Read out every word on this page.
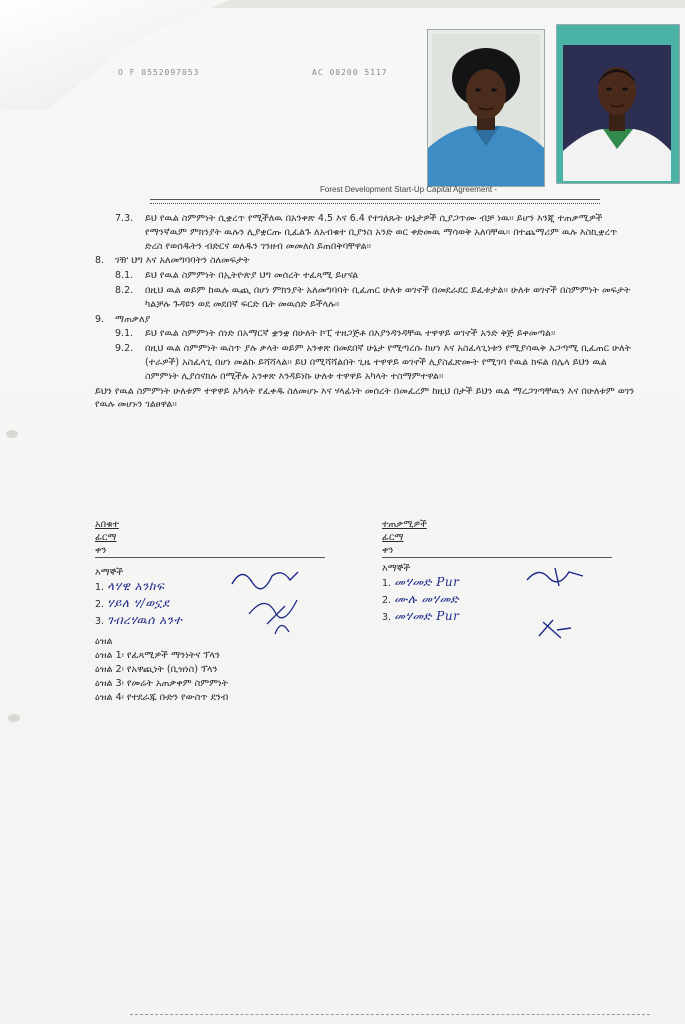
O F 0552097053	AC 00200 5117
Forest Development Start-Up Capital Agreement -
7.3.	ይህ የዉል ስምምነት ሲቋረጥ የሚችለዉ በአንቀጽ 4.5 እና 6.4 የተገለጹት ሁኔታዎች ሲያጋጥሙ ብቻ ነዉ። ይሆን እንጂ ተጠቃሚዎች የማንኛዉም ምክንያት ዉሉን ሊያቋርጡ ቢፈልጉ ለአብቁተ ቢያንስ አንድ ወር ቀድመዉ ማሳወቅ አለባቸዉ። በተጨማሪም ዉሉ እስኪቋረጥ ድረስ የወሰዱትን ብድርና ወለዱን ገንዘብ መመለስ ይጠበቅባቸዋል።
8.	ገዥ ህግ እና አለመግባባትን ስለመፍታት
8.1.	ይህ የዉል ስምምነት በኢትዮጵያ ህግ መሰረት ተፈጻሚ ይሆናል
8.2.	በዚህ ዉል ወይም ከዉሉ ዉጪ በሆነ ምክንያት አለመግባባት ቢፈጠር ሁለቱ ወገኖች በመደራደር ይፈቱታል። ሁለቱ ወገኖች በስምምነት መፍታት ካልቻሉ ጉዳዩን ወደ መደበኛ ፍርድ ቤት መዉሰድ ይችላሉ።
9.	ማጠቃለያ
9.1.	ይህ የዉል ስምምነት ሰነድ በአማርኛ ቋንቋ በሁለት ኮፒ ተዘጋጅቶ በእያንዳንዳቸዉ ተዋዋይ ወገኖች አንድ ቅጅ ይቀመጣል።
9.2.	በዚህ ዉል ስምምነት ዉስጥ ያሉ ቃላት ወይም አንቀጽ በመደበኛ ሁኔታ የሚጣረሱ ከሆነ እና አስፈላጊነቱን የሚያሳዉቅ አጋጣሚ ቢፈጠር ሁለት (ተራዎች) አስፈላጊ በሆነ መልኩ ይሻሻላል። ይህ በሚሻሻልበት ጊዜ ተዋዋይ ወገኖች ሊያስፈጽሙት የሚገባ የዉል ክፍል በሌላ ይህን ዉል ስምምነት ሊያሰናክሉ በሚችሉ አንቀጽ እንዳይነኩ ሁለቱ ተዋዋይ አካላት ተስማምተዋል።
ይህን የዉል ስምምነት ሁለቱም ተዋዋይ አካላት የፈቀዱ ስለመሆኑ እና ሃላፊነት መሰረት በመፈረም ከዚህ በታች ይህን ዉል ማረጋገጣቸዉን እና በሁለቱም ወገን የዉሉ መሆኑን ገልፀዋል።
አበቁተ
ፊርማ
ቀን
እማኞች
1. ላሃዊ አንከፍ
2. ሃይለ ሃ/ወኗደ
3. ገብረሃዉሰ አንተ
ዕዝል
ዕዝል 1፡ የፈጻሚዎች ማንነትና ፕላን
ዕዝል 2፡ የአዋጪነት (ቢዝነስ) ፕላን
ዕዝል 3፡ የመሬት አጠቃቀም ስምምነት
ዕዝል 4፡ የተደራጁ ቡድን የውስጥ ደንብ
ተጠቃሚዎች
ፊርማ
ቀን
እማኞች
1. መሃመድ Pur
2. ሙሉ መሃመድ
3. መሃመድ Pur
